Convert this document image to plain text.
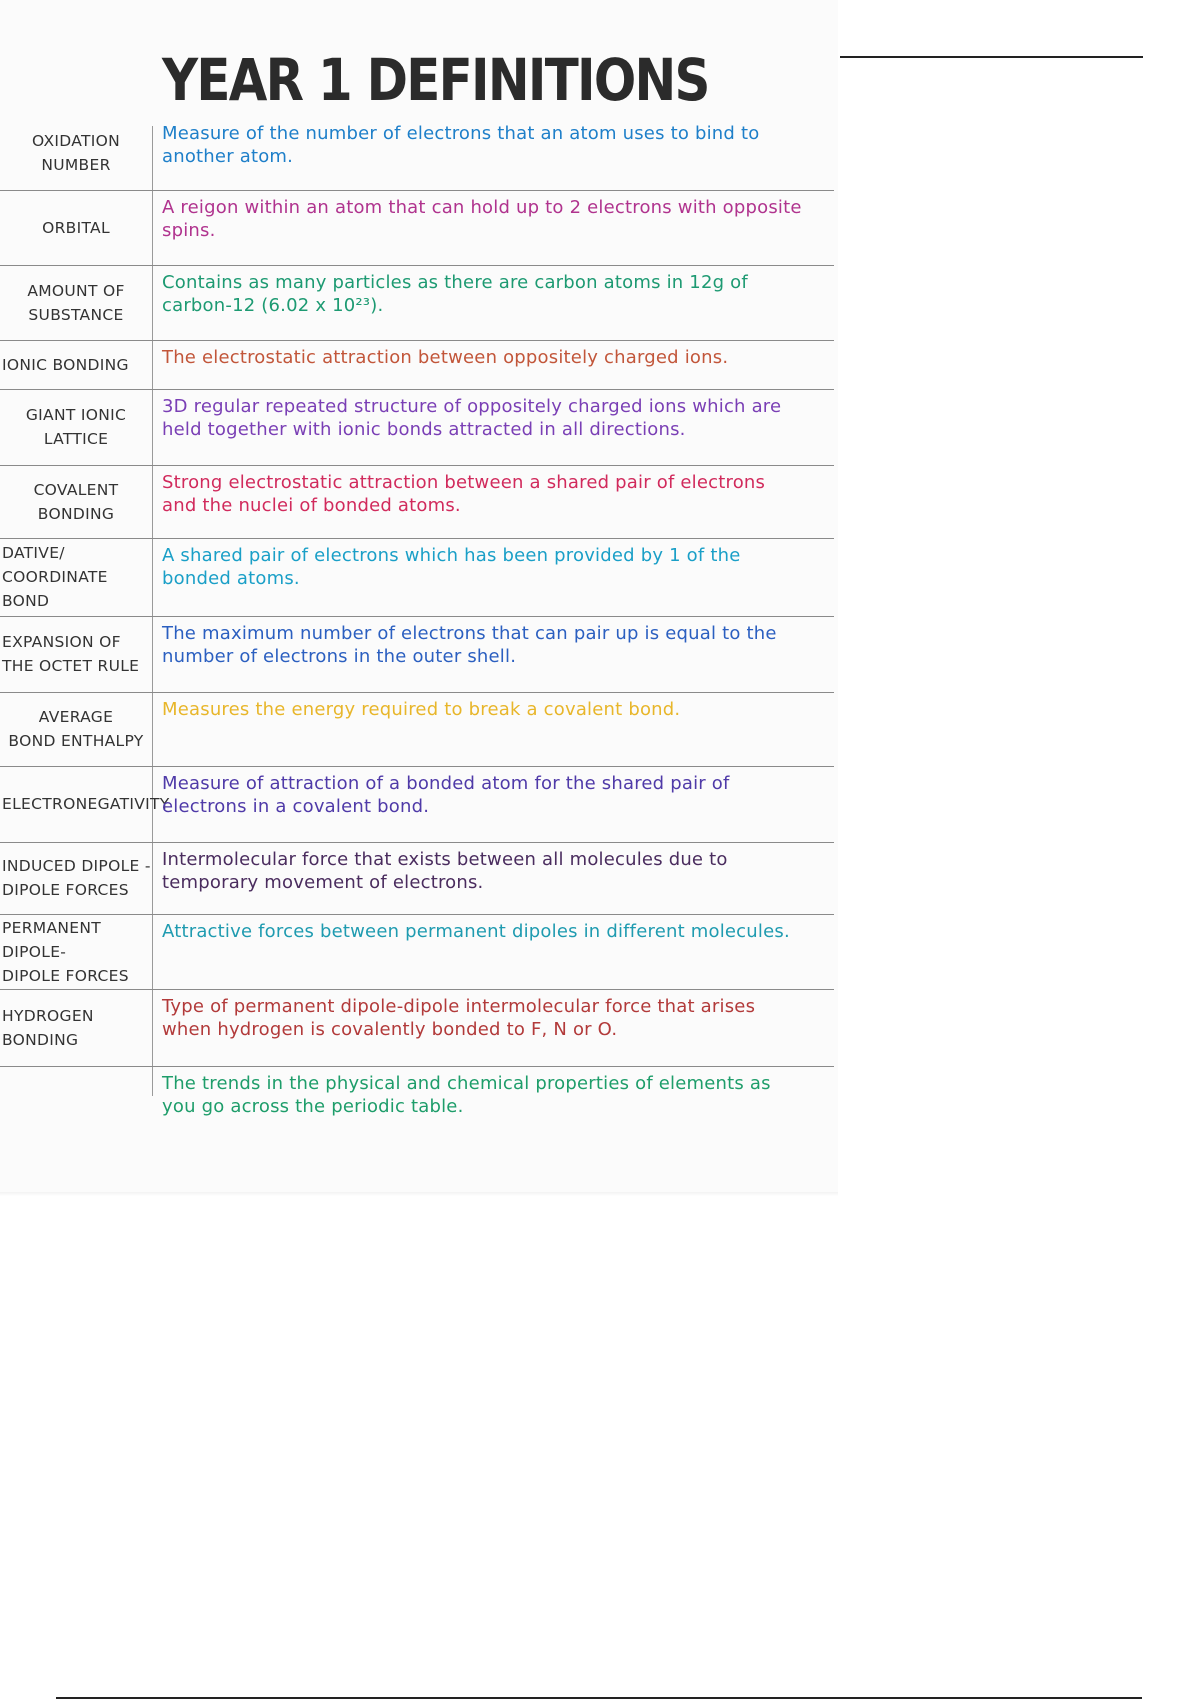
YEAR 1 DEFINITIONS
OXIDATION
NUMBER
Measure of the number of electrons that an atom uses to bind to another atom.
ORBITAL
A reigon within an atom that can hold up to 2 electrons with opposite spins.
AMOUNT OF
SUBSTANCE
Contains as many particles as there are carbon atoms in 12g of carbon-12 (6.02 x 10²³).
IONIC BONDING	The electrostatic attraction between oppositely charged ions.
GIANT IONIC
LATTICE
3D regular repeated structure of oppositely charged ions which are held together with ionic bonds attracted in all directions.
COVALENT
BONDING
Strong electrostatic attraction between a shared pair of electrons and the nuclei of bonded atoms.
DATIVE/
COORDINATE BOND
A shared pair of electrons which has been provided by 1 of the bonded atoms.
EXPANSION OF
THE OCTET RULE
The maximum number of electrons that can pair up is equal to the number of electrons in the outer shell.
AVERAGE
BOND ENTHALPY
Measures the energy required to break a covalent bond.
ELECTRONEGATIVITY
Measure of attraction of a bonded atom for the shared pair of electrons in a covalent bond.
INDUCED DIPOLE -
DIPOLE FORCES
Intermolecular force that exists between all molecules due to temporary movement of electrons.
PERMANENT DIPOLE-
DIPOLE FORCES
Attractive forces between permanent dipoles in different molecules.
HYDROGEN
BONDING
Type of permanent dipole-dipole intermolecular force that arises when hydrogen is covalently bonded to F, N or O.
The trends in the physical and chemical properties of elements as you go across the periodic table.
